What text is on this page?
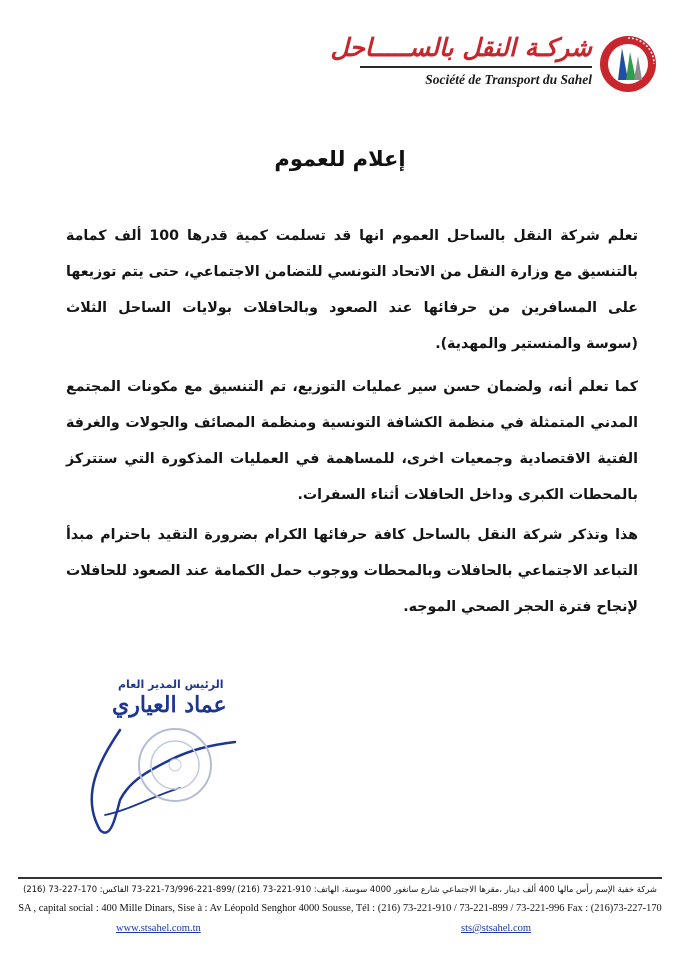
شركـة النقل بالســـــاحل
Société de Transport du Sahel
إعلام للعموم
تعلم شركة النقل بالساحل العموم انها قد تسلمت كمية قدرها 100 ألف كمامة بالتنسيق مع وزارة النقل من الاتحاد التونسي للتضامن الاجتماعي، حتى يتم توزيعها على المسافرين من حرفائها عند الصعود وبالحافلات بولايات الساحل الثلاث (سوسة والمنستير والمهدية).
كما تعلم أنه، ولضمان حسن سير عمليات التوزيع، تم التنسيق مع مكونات المجتمع المدني المتمثلة في منظمة الكشافة التونسية ومنظمة المصائف والجولات والغرفة الفتية الاقتصادية وجمعيات اخرى، للمساهمة في العمليات المذكورة التي ستتركز بالمحطات الكبرى وداخل الحافلات أثناء السفرات.
هذا وتذكر شركة النقل بالساحل كافة حرفائها الكرام بضرورة التقيد باحترام مبدأ التباعد الاجتماعي بالحافلات وبالمحطات ووجوب حمل الكمامة عند الصعود للحافلات لإنجاح فترة الحجر الصحي الموجه.
الرئيس المدير العام
عماد العياري
شركة خفية الإسم رأس مالها 400 ألف دينار ،مقرها الاجتماعي شارع سانغور 4000 سوسة، الهاتف: 910-221-73 (216) /899-221-73/996-221-73 الفاكس: 170-227-73 (216)
SA , capital social : 400 Mille Dinars, Sise à : Av Léopold Senghor 4000 Sousse, Tél : (216) 73-221-910 / 73-221-899 / 73-221-996 Fax : (216)73-227-170
www.stsahel.com.tn	sts@stsahel.com
